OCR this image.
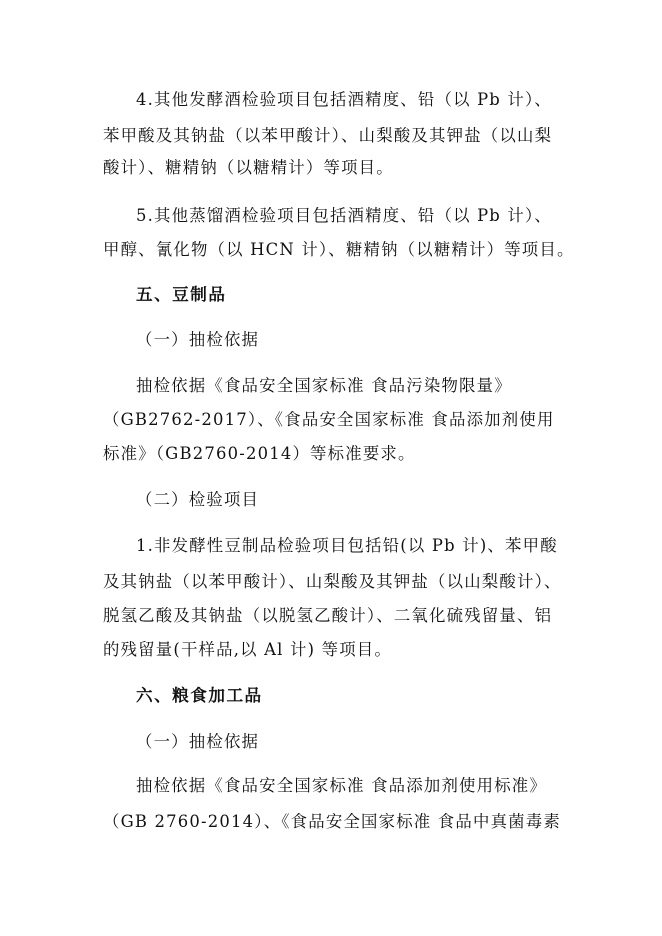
4.其他发酵酒检验项目包括酒精度、铅（以 Pb 计）、
苯甲酸及其钠盐（以苯甲酸计）、山梨酸及其钾盐（以山梨
酸计）、糖精钠（以糖精计）等项目。
5.其他蒸馏酒检验项目包括酒精度、铅（以 Pb 计）、
甲醇、氰化物（以 HCN 计）、糖精钠（以糖精计）等项目。
五、豆制品
（一）抽检依据
抽检依据《食品安全国家标准 食品污染物限量》
（GB2762-2017）、《食品安全国家标准 食品添加剂使用
标准》（GB2760-2014）等标准要求。
（二）检验项目
1.非发酵性豆制品检验项目包括铅(以 Pb 计)、苯甲酸
及其钠盐（以苯甲酸计）、山梨酸及其钾盐（以山梨酸计）、
脱氢乙酸及其钠盐（以脱氢乙酸计）、二氧化硫残留量、铝
的残留量(干样品,以 Al 计) 等项目。
六、粮食加工品
（一）抽检依据
抽检依据《食品安全国家标准 食品添加剂使用标准》
（GB 2760-2014）、《食品安全国家标准 食品中真菌毒素
